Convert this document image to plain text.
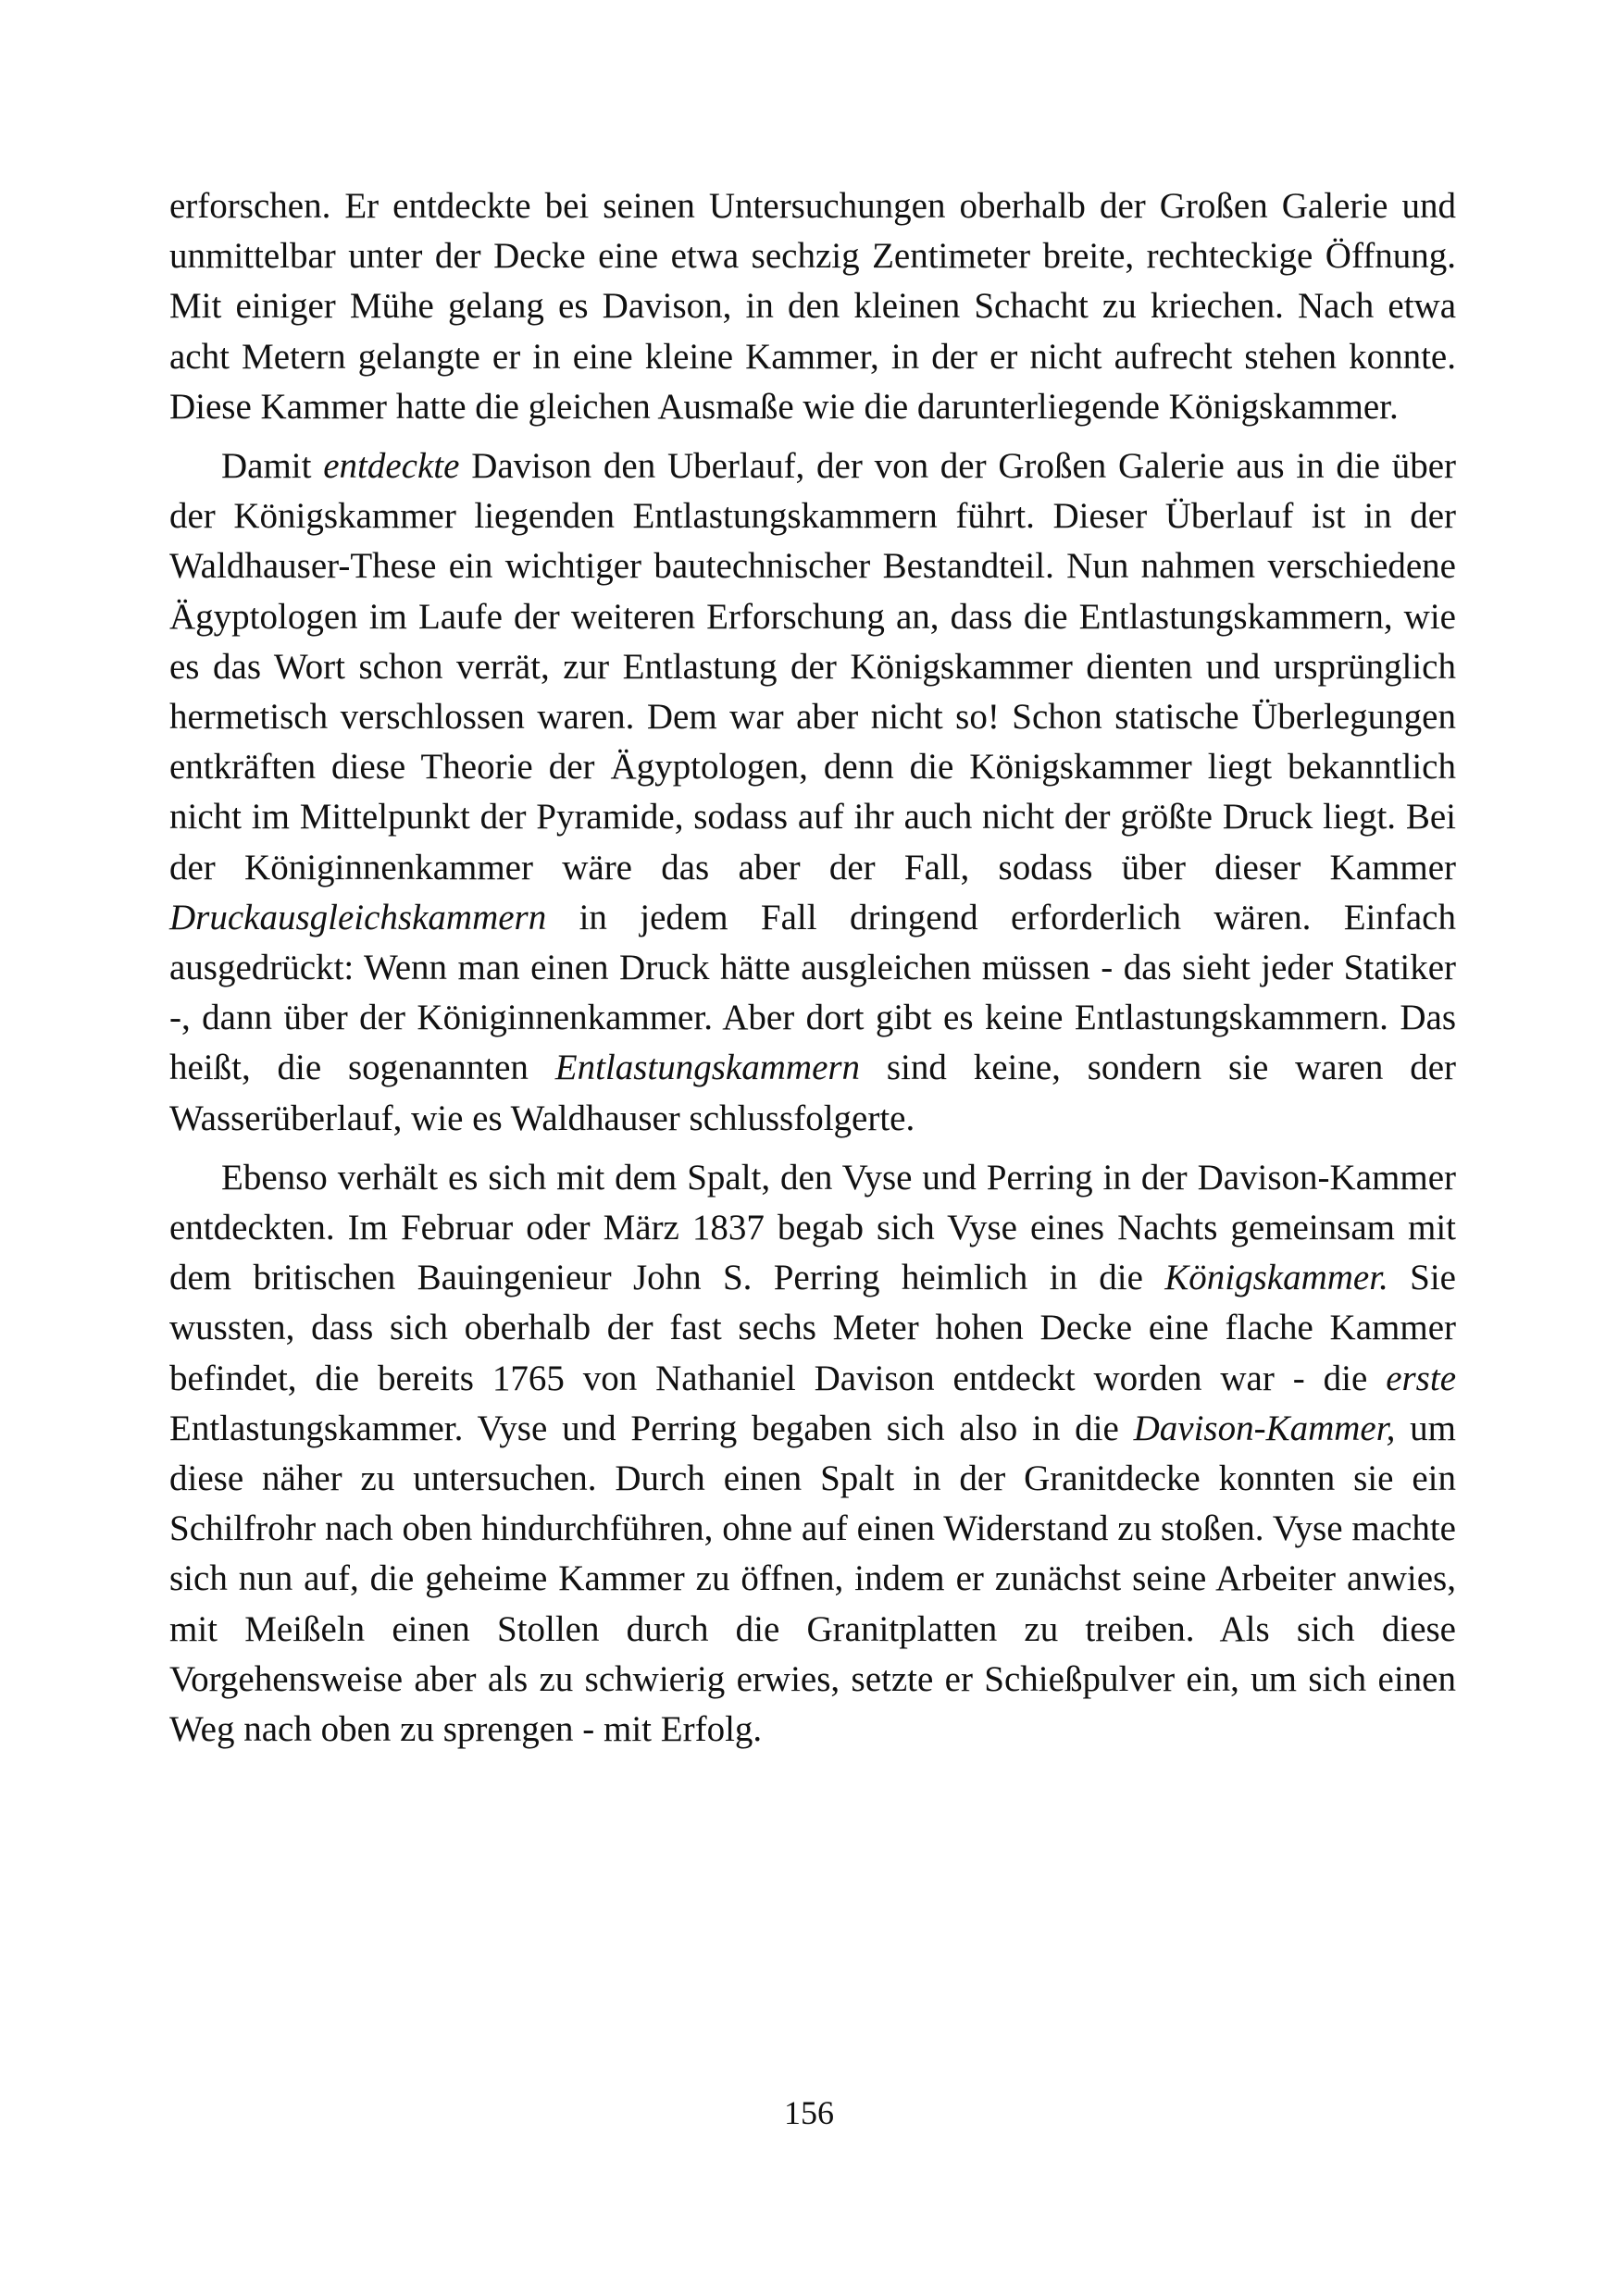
erforschen. Er entdeckte bei seinen Untersuchungen oberhalb der Großen Galerie und unmittelbar unter der Decke eine etwa sechzig Zentimeter breite, rechteckige Öffnung. Mit einiger Mühe gelang es Davison, in den kleinen Schacht zu kriechen. Nach etwa acht Metern gelangte er in eine kleine Kammer, in der er nicht aufrecht stehen konnte. Diese Kammer hatte die gleichen Ausmaße wie die darunterliegende Königskammer.

Damit entdeckte Davison den Uberlauf, der von der Großen Galerie aus in die über der Königskammer liegenden Entlastungskammern führt. Dieser Überlauf ist in der Waldhauser-These ein wichtiger bautechnischer Bestandteil. Nun nahmen verschiedene Ägyptologen im Laufe der weiteren Erforschung an, dass die Entlastungskammern, wie es das Wort schon verrät, zur Entlastung der Königskammer dienten und ursprünglich hermetisch verschlossen waren. Dem war aber nicht so! Schon statische Überlegungen entkräften diese Theorie der Ägyptologen, denn die Königskammer liegt bekanntlich nicht im Mittelpunkt der Pyramide, sodass auf ihr auch nicht der größte Druck liegt. Bei der Königinnenkammer wäre das aber der Fall, sodass über dieser Kammer Druckausgleichskammern in jedem Fall dringend erforderlich wären. Einfach ausgedrückt: Wenn man einen Druck hätte ausgleichen müssen - das sieht jeder Statiker -, dann über der Königinnenkammer. Aber dort gibt es keine Entlastungskammern. Das heißt, die sogenannten Entlastungskammern sind keine, sondern sie waren der Wasserüberlauf, wie es Waldhauser schlussfolgerte.

Ebenso verhält es sich mit dem Spalt, den Vyse und Perring in der Davison-Kammer entdeckten. Im Februar oder März 1837 begab sich Vyse eines Nachts gemeinsam mit dem britischen Bauingenieur John S. Perring heimlich in die Königskammer. Sie wussten, dass sich oberhalb der fast sechs Meter hohen Decke eine flache Kammer befindet, die bereits 1765 von Nathaniel Davison entdeckt worden war - die erste Entlastungskammer. Vyse und Perring begaben sich also in die Davison-Kammer, um diese näher zu untersuchen. Durch einen Spalt in der Granitdecke konnten sie ein Schilfrohr nach oben hindurchführen, ohne auf einen Widerstand zu stoßen. Vyse machte sich nun auf, die geheime Kammer zu öffnen, indem er zunächst seine Arbeiter anwies, mit Meißeln einen Stollen durch die Granitplatten zu treiben. Als sich diese Vorgehensweise aber als zu schwierig erwies, setzte er Schießpulver ein, um sich einen Weg nach oben zu sprengen - mit Erfolg.

156
